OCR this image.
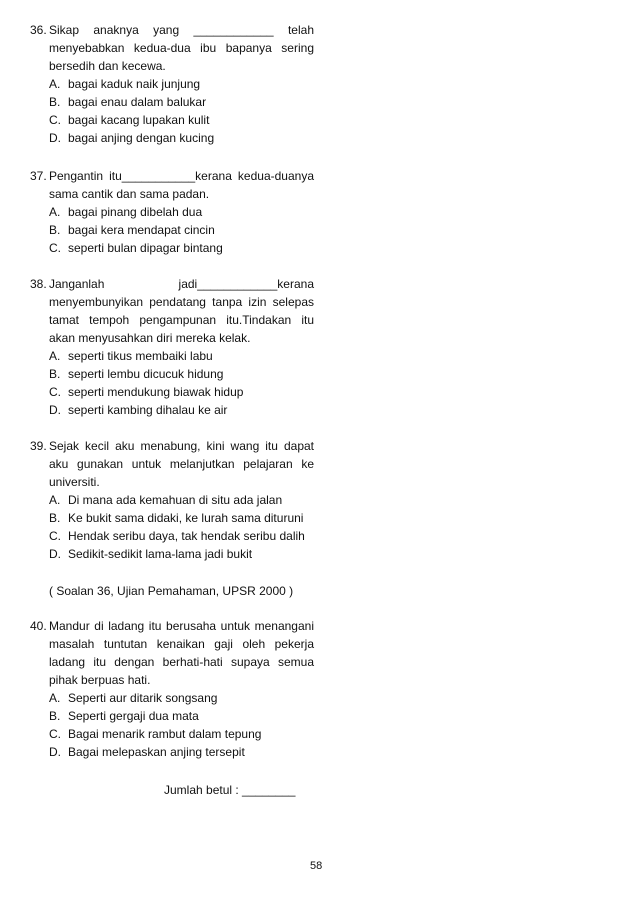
36. Sikap anaknya yang ____________ telah menyebabkan kedua-dua ibu bapanya sering bersedih dan kecewa.
A. bagai kaduk naik junjung
B. bagai enau dalam balukar
C. bagai kacang lupakan kulit
D. bagai anjing dengan kucing
37. Pengantin itu___________kerana kedua-duanya sama cantik dan sama padan.
A. bagai pinang dibelah dua
B. bagai kera mendapat cincin
C. seperti bulan dipagar bintang
38. Janganlah jadi____________kerana menyembunyikan pendatang tanpa izin selepas tamat tempoh pengampunan itu.Tindakan itu akan menyusahkan diri mereka kelak.
A. seperti tikus membaiki labu
B. seperti lembu dicucuk hidung
C. seperti mendukung biawak hidup
D. seperti kambing dihalau ke air
39. Sejak kecil aku menabung, kini wang itu dapat aku gunakan untuk melanjutkan pelajaran ke universiti.
A. Di mana ada kemahuan di situ ada jalan
B. Ke bukit sama didaki, ke lurah sama dituruni
C. Hendak seribu daya, tak hendak seribu dalih
D. Sedikit-sedikit lama-lama jadi bukit
( Soalan 36, Ujian Pemahaman, UPSR 2000 )
40. Mandur di ladang itu berusaha untuk menangani masalah tuntutan kenaikan gaji oleh pekerja ladang itu dengan berhati-hati supaya semua pihak berpuas hati.
A. Seperti aur ditarik songsang
B. Seperti gergaji dua mata
C. Bagai menarik rambut dalam tepung
D. Bagai melepaskan anjing tersepit
Jumlah betul : ________
58
